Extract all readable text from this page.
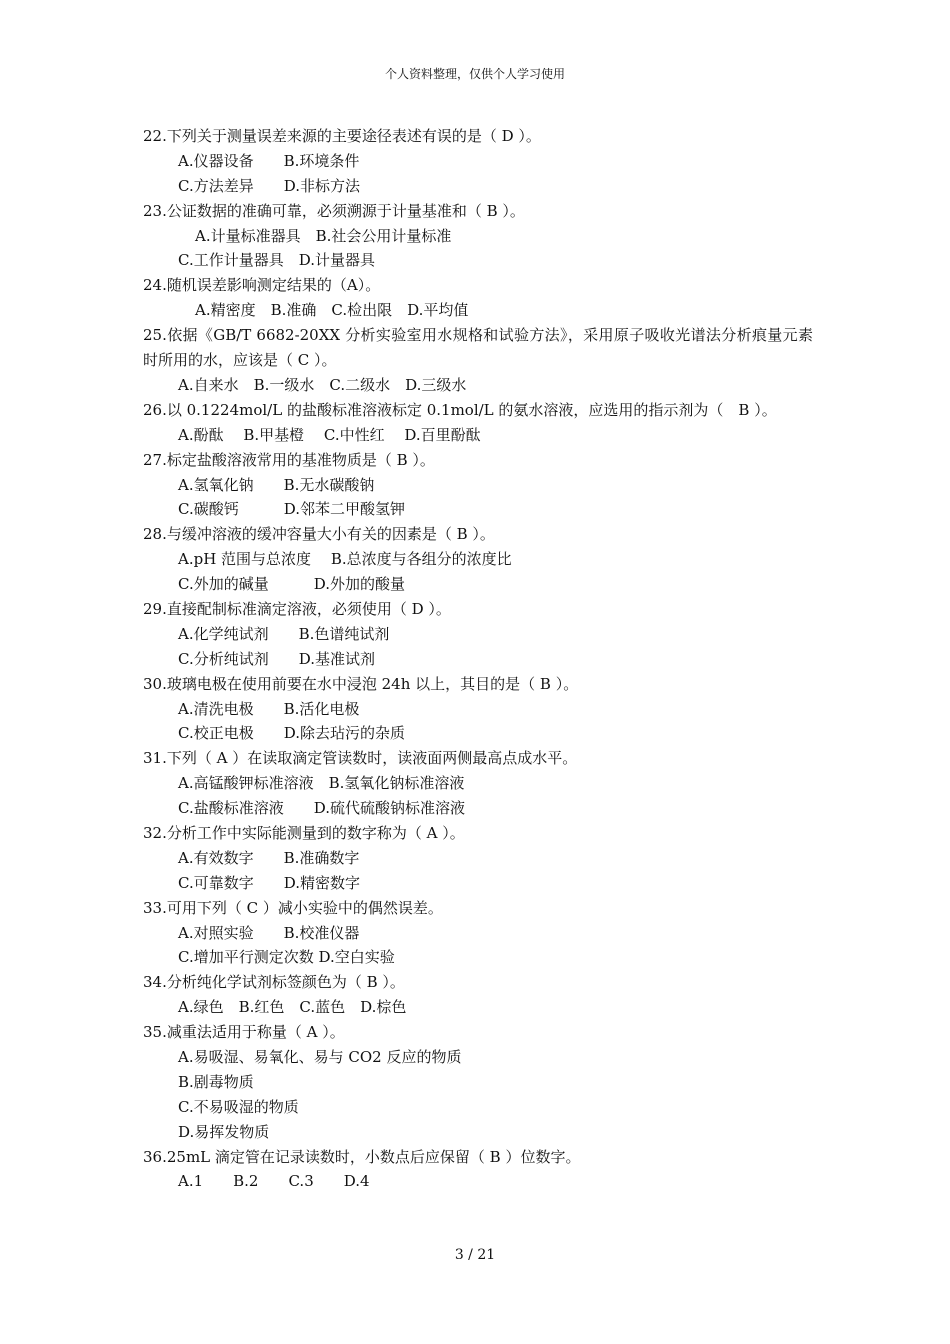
个人资料整理，仅供个人学习使用
22.下列关于测量误差来源的主要途径表述有误的是（ D ）。
A.仪器设备　　B.环境条件
C.方法差异　　D.非标方法
23.公证数据的准确可靠，必须溯源于计量基准和（ B ）。
A.计量标准器具　B.社会公用计量标准
C.工作计量器具　D.计量器具
24.随机误差影响测定结果的（A）。
A.精密度　B.准确　C.检出限　D.平均值
25.依据《GB/T 6682-20XX 分析实验室用水规格和试验方法》，采用原子吸收光谱法分析痕量元素时所用的水，应该是（ C ）。
A.自来水　B.一级水　C.二级水　D.三级水
26.以 0.1224mol/L 的盐酸标准溶液标定 0.1mol/L 的氨水溶液，应选用的指示剂为（　B ）。
A.酚酞　 B.甲基橙　 C.中性红　 D.百里酚酞
27.标定盐酸溶液常用的基准物质是（ B ）。
A.氢氧化钠　　B.无水碳酸钠
C.碳酸钙　　　D.邻苯二甲酸氢钾
28.与缓冲溶液的缓冲容量大小有关的因素是（ B ）。
A.pH 范围与总浓度　 B.总浓度与各组分的浓度比
C.外加的碱量　　　D.外加的酸量
29.直接配制标准滴定溶液，必须使用（ D ）。
A.化学纯试剂　　B.色谱纯试剂
C.分析纯试剂　　D.基准试剂
30.玻璃电极在使用前要在水中浸泡 24h 以上，其目的是（ B ）。
A.清洗电极　　B.活化电极
C.校正电极　　D.除去玷污的杂质
31.下列（ A ）在读取滴定管读数时，读液面两侧最高点成水平。
A.高锰酸钾标准溶液　B.氢氧化钠标准溶液
C.盐酸标准溶液　　D.硫代硫酸钠标准溶液
32.分析工作中实际能测量到的数字称为（ A ）。
A.有效数字　　B.准确数字
C.可靠数字　　D.精密数字
33.可用下列（ C ）减小实验中的偶然误差。
A.对照实验　　B.校准仪器
C.增加平行测定次数 D.空白实验
34.分析纯化学试剂标签颜色为（ B ）。
A.绿色　B.红色　C.蓝色　D.棕色
35.减重法适用于称量（ A ）。
A.易吸湿、易氧化、易与 CO2 反应的物质
B.剧毒物质
C.不易吸湿的物质
D.易挥发物质
36.25mL 滴定管在记录读数时，小数点后应保留（ B ）位数字。
A.1　　B.2　　C.3　　D.4
3 / 21
